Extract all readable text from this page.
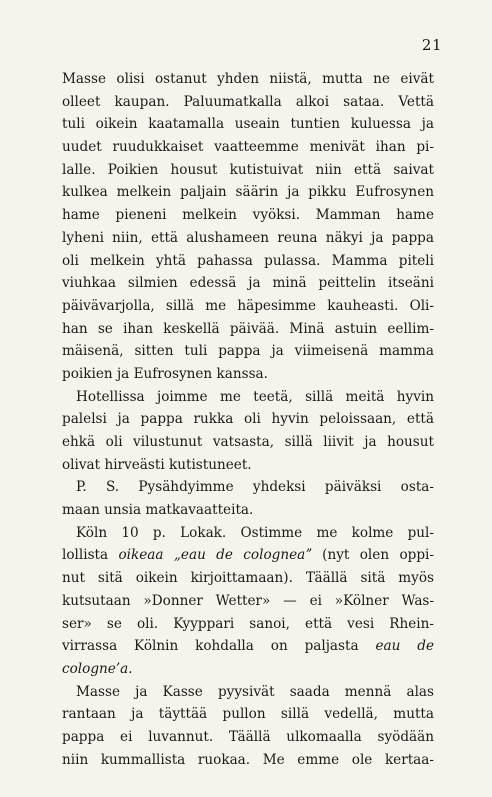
21
Masse olisi ostanut yhden niistä, mutta ne eivät
olleet kaupan. Paluumatkalla alkoi sataa. Vettä
tuli oikein kaatamalla useain tuntien kuluessa ja
uudet ruudukkaiset vaatteemme menivät ihan pi-
lalle. Poikien housut kutistuivat niin että saivat
kulkea melkein paljain säärin ja pikku Eufrosynen
hame pieneni melkein vyöksi. Mamman hame
lyheni niin, että alushameen reuna näkyi ja pappa
oli melkein yhtä pahassa pulassa. Mamma piteli
viuhkaa silmien edessä ja minä peittelin itseäni
päivävarjolla, sillä me häpesimme kauheasti. Oli-
han se ihan keskellä päivää. Minä astuin eellim-
mäisenä, sitten tuli pappa ja viimeisenä mamma
poikien ja Eufrosynen kanssa.
Hotellissa joimme me teetä, sillä meitä hyvin
palelsi ja pappa rukka oli hyvin peloissaan, että
ehkä oli vilustunut vatsasta, sillä liivit ja housut
olivat hirveästi kutistuneet.
P. S. Pysähdyimme yhdeksi päiväksi osta-
maan unsia matkavaatteita.
Köln 10 p. Lokak. Ostimme me kolme pul-
lollista oikeaa „eau de cologneaˮ (nyt olen oppi-
nut sitä oikein kirjoittamaan). Täällä sitä myös
kutsutaan »Donner Wetter» — ei »Kölner Was-
ser» se oli. Kyyppari sanoi, että vesi Rhein-
virrassa Kölnin kohdalla on paljasta eau de
cologne’a.
Masse ja Kasse pyysivät saada mennä alas
rantaan ja täyttää pullon sillä vedellä, mutta
pappa ei luvannut. Täällä ulkomaalla syödään
niin kummallista ruokaa. Me emme ole kertaa-
